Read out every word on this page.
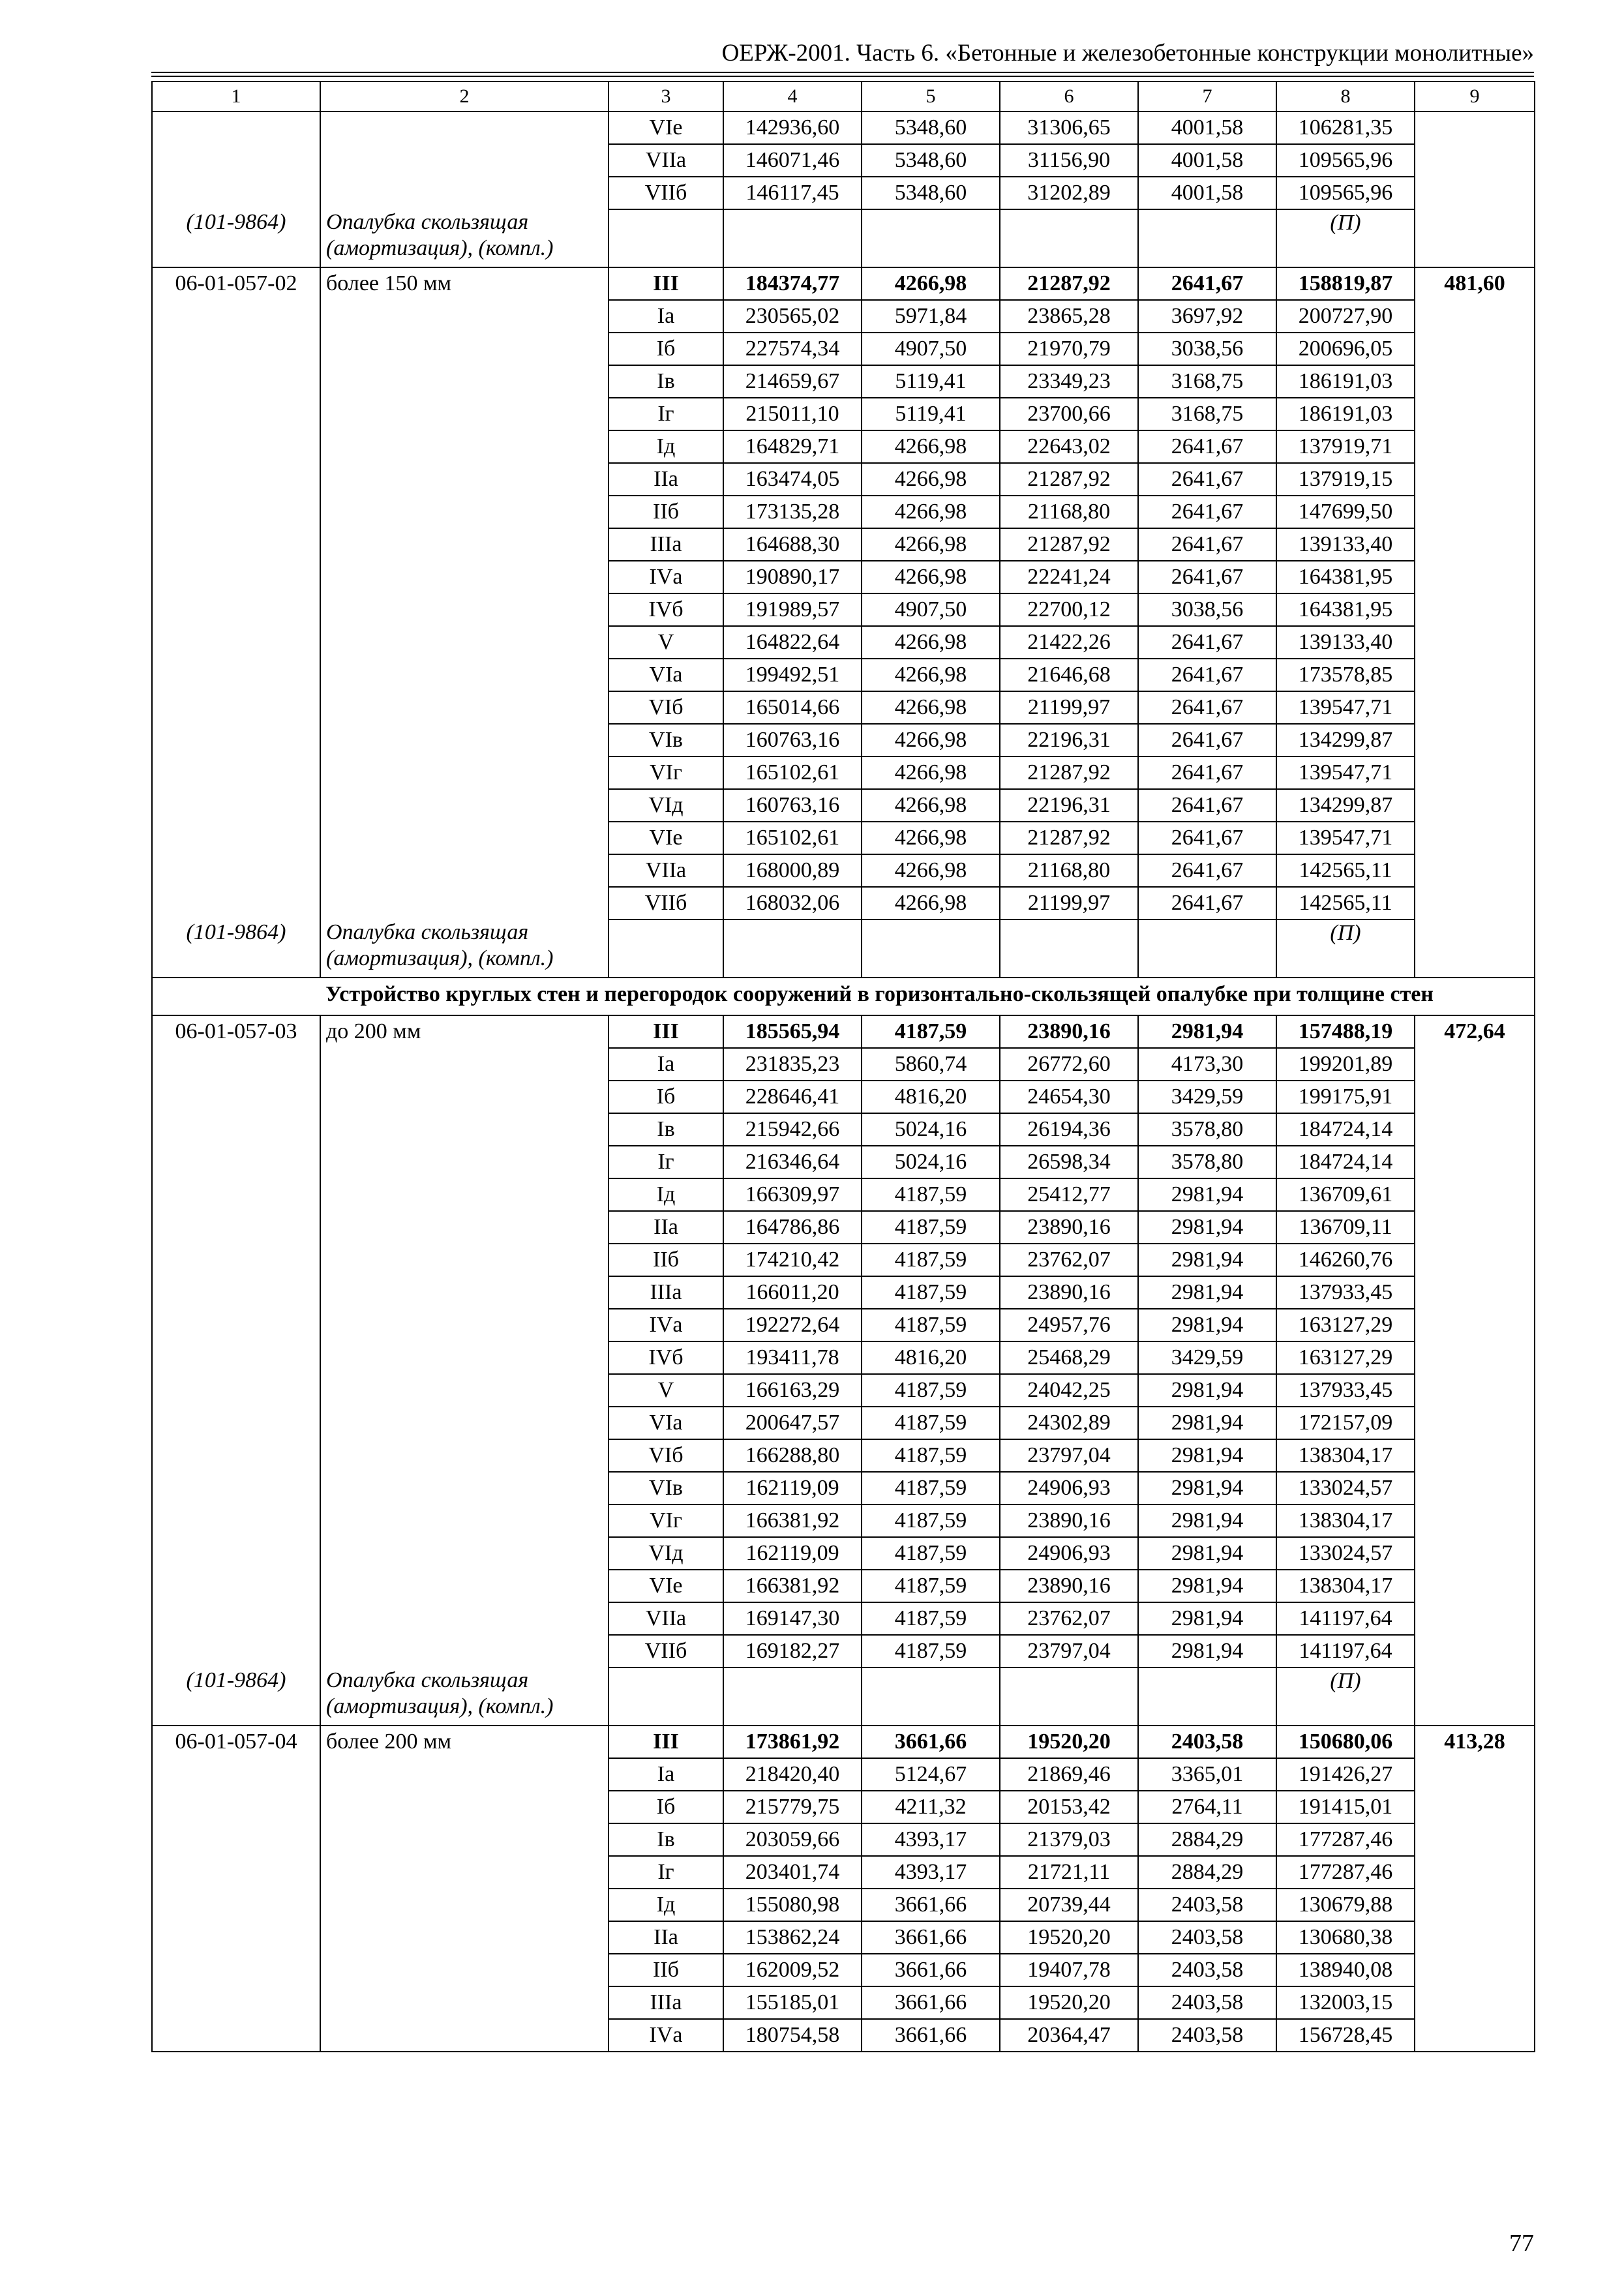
ОЕРЖ-2001. Часть 6. «Бетонные и железобетонные конструкции монолитные»
1	2	3	4	5	6	7	8	9
		VIе	142936,60	5348,60	31306,65	4001,58	106281,35	
		VIIа	146071,46	5348,60	31156,90	4001,58	109565,96	
		VIIб	146117,45	5348,60	31202,89	4001,58	109565,96	
(101-9864)	Опалубка скользящая (амортизация), (компл.)						(П)	
06-01-057-02	более 150 мм	III	184374,77	4266,98	21287,92	2641,67	158819,87	481,60
		Iа	230565,02	5971,84	23865,28	3697,92	200727,90	
		Iб	227574,34	4907,50	21970,79	3038,56	200696,05	
		Iв	214659,67	5119,41	23349,23	3168,75	186191,03	
		Iг	215011,10	5119,41	23700,66	3168,75	186191,03	
		Iд	164829,71	4266,98	22643,02	2641,67	137919,71	
		IIа	163474,05	4266,98	21287,92	2641,67	137919,15	
		IIб	173135,28	4266,98	21168,80	2641,67	147699,50	
		IIIа	164688,30	4266,98	21287,92	2641,67	139133,40	
		IVа	190890,17	4266,98	22241,24	2641,67	164381,95	
		IVб	191989,57	4907,50	22700,12	3038,56	164381,95	
		V	164822,64	4266,98	21422,26	2641,67	139133,40	
		VIа	199492,51	4266,98	21646,68	2641,67	173578,85	
		VIб	165014,66	4266,98	21199,97	2641,67	139547,71	
		VIв	160763,16	4266,98	22196,31	2641,67	134299,87	
		VIг	165102,61	4266,98	21287,92	2641,67	139547,71	
		VIд	160763,16	4266,98	22196,31	2641,67	134299,87	
		VIе	165102,61	4266,98	21287,92	2641,67	139547,71	
		VIIа	168000,89	4266,98	21168,80	2641,67	142565,11	
		VIIб	168032,06	4266,98	21199,97	2641,67	142565,11	
(101-9864)	Опалубка скользящая (амортизация), (компл.)						(П)	
	Устройство круглых стен и перегородок сооружений в горизонтально-скользящей опалубке при толщине стен							
06-01-057-03	до 200 мм	III	185565,94	4187,59	23890,16	2981,94	157488,19	472,64
		Iа	231835,23	5860,74	26772,60	4173,30	199201,89	
		Iб	228646,41	4816,20	24654,30	3429,59	199175,91	
		Iв	215942,66	5024,16	26194,36	3578,80	184724,14	
		Iг	216346,64	5024,16	26598,34	3578,80	184724,14	
		Iд	166309,97	4187,59	25412,77	2981,94	136709,61	
		IIа	164786,86	4187,59	23890,16	2981,94	136709,11	
		IIб	174210,42	4187,59	23762,07	2981,94	146260,76	
		IIIа	166011,20	4187,59	23890,16	2981,94	137933,45	
		IVа	192272,64	4187,59	24957,76	2981,94	163127,29	
		IVб	193411,78	4816,20	25468,29	3429,59	163127,29	
		V	166163,29	4187,59	24042,25	2981,94	137933,45	
		VIа	200647,57	4187,59	24302,89	2981,94	172157,09	
		VIб	166288,80	4187,59	23797,04	2981,94	138304,17	
		VIв	162119,09	4187,59	24906,93	2981,94	133024,57	
		VIг	166381,92	4187,59	23890,16	2981,94	138304,17	
		VIд	162119,09	4187,59	24906,93	2981,94	133024,57	
		VIе	166381,92	4187,59	23890,16	2981,94	138304,17	
		VIIа	169147,30	4187,59	23762,07	2981,94	141197,64	
		VIIб	169182,27	4187,59	23797,04	2981,94	141197,64	
(101-9864)	Опалубка скользящая (амортизация), (компл.)						(П)	
06-01-057-04	более 200 мм	III	173861,92	3661,66	19520,20	2403,58	150680,06	413,28
		Iа	218420,40	5124,67	21869,46	3365,01	191426,27	
		Iб	215779,75	4211,32	20153,42	2764,11	191415,01	
		Iв	203059,66	4393,17	21379,03	2884,29	177287,46	
		Iг	203401,74	4393,17	21721,11	2884,29	177287,46	
		Iд	155080,98	3661,66	20739,44	2403,58	130679,88	
		IIа	153862,24	3661,66	19520,20	2403,58	130680,38	
		IIб	162009,52	3661,66	19407,78	2403,58	138940,08	
		IIIа	155185,01	3661,66	19520,20	2403,58	132003,15	
		IVа	180754,58	3661,66	20364,47	2403,58	156728,45	
77
